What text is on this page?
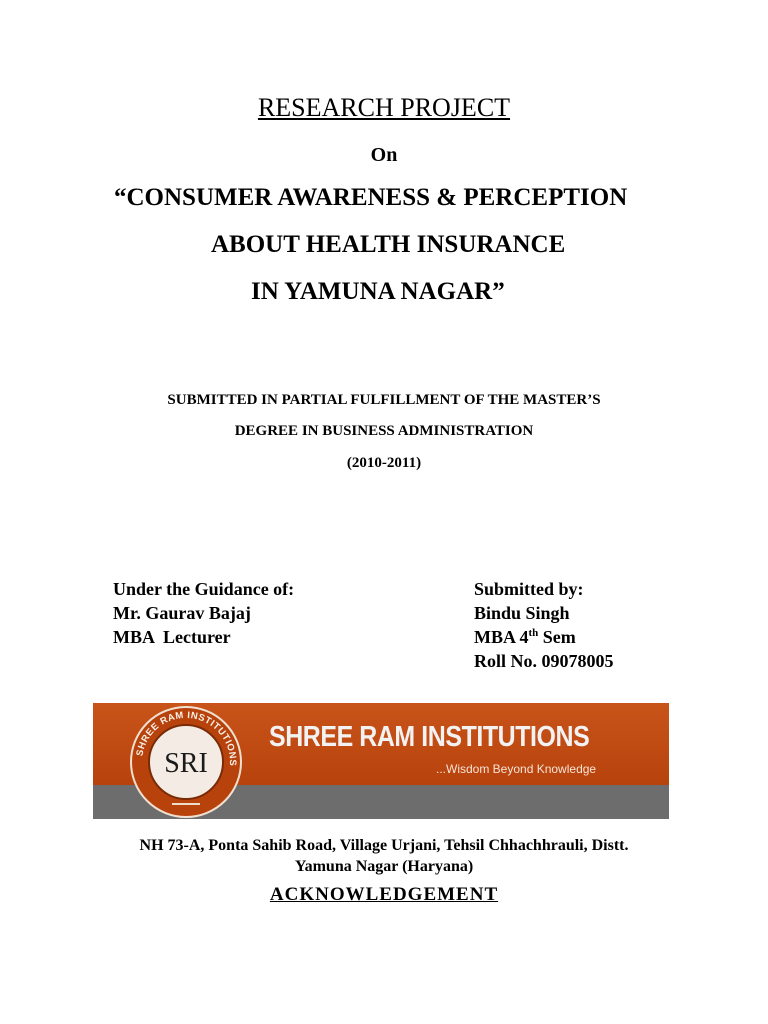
RESEARCH PROJECT
On
“CONSUMER AWARENESS & PERCEPTION
ABOUT HEALTH INSURANCE
IN YAMUNA NAGAR”
SUBMITTED IN PARTIAL FULFILLMENT OF THE MASTER’S
DEGREE IN BUSINESS ADMINISTRATION
(2010-2011)
Under the Guidance of:
Mr. Gaurav Bajaj
MBA  Lecturer
Submitted by:
Bindu Singh
MBA 4th Sem
Roll No. 09078005
SHREE RAM INSTITUTIONS
SRI
SHREE RAM INSTITUTIONS
...Wisdom Beyond Knowledge
NH 73-A, Ponta Sahib Road, Village Urjani, Tehsil Chhachhrauli, Distt.
Yamuna Nagar (Haryana)
ACKNOWLEDGEMENT
